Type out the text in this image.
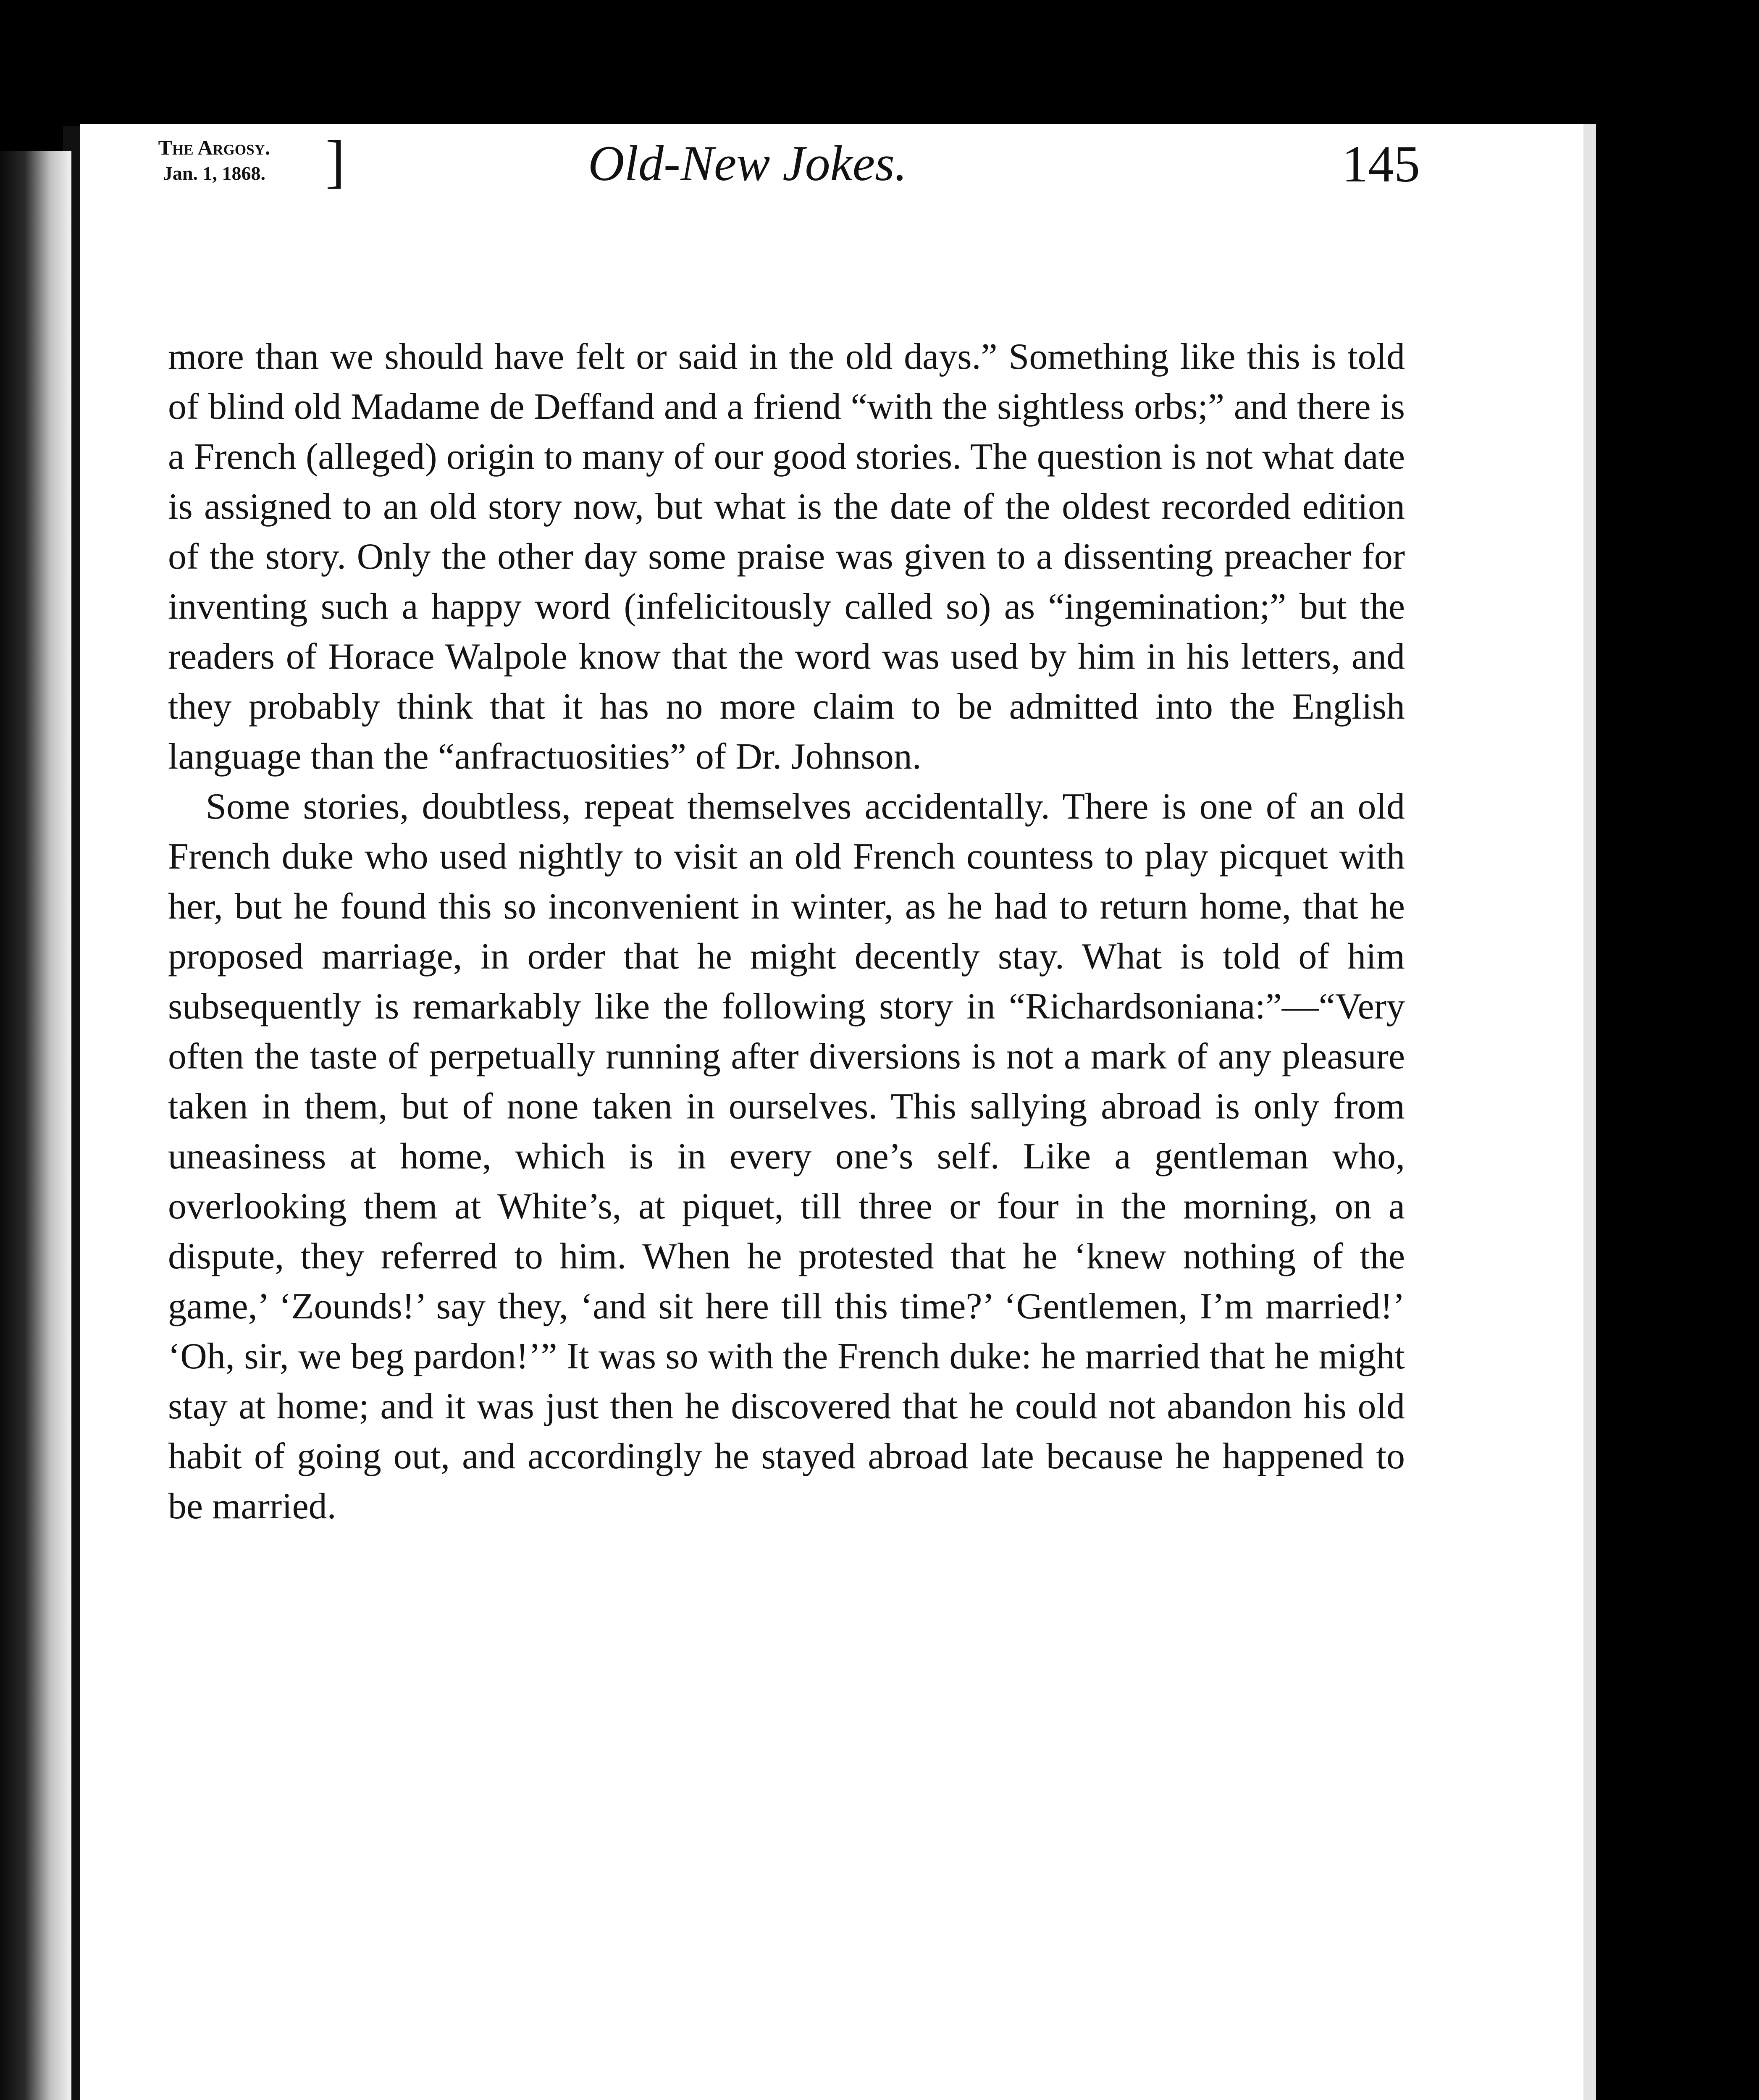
The Argosy.
Jan. 1, 1868.	]	Old-New Jokes.	145

more than we should have felt or said in the old days.” Something like this is told of blind old Madame de Deffand and a friend “with the sightless orbs;” and there is a French (alleged) origin to many of our good stories. The question is not what date is assigned to an old story now, but what is the date of the oldest recorded edition of the story. Only the other day some praise was given to a dissenting preacher for inventing such a happy word (infelicitously called so) as “ingemination;” but the readers of Horace Walpole know that the word was used by him in his letters, and they probably think that it has no more claim to be admitted into the English language than the “anfractuosities” of Dr. Johnson.

Some stories, doubtless, repeat themselves accidentally. There is one of an old French duke who used nightly to visit an old French countess to play picquet with her, but he found this so inconvenient in winter, as he had to return home, that he proposed marriage, in order that he might decently stay. What is told of him subsequently is remarkably like the following story in “Richardsoniana:”—“Very often the taste of perpetually running after diversions is not a mark of any pleasure taken in them, but of none taken in ourselves. This sallying abroad is only from uneasiness at home, which is in every one’s self. Like a gentleman who, overlooking them at White’s, at piquet, till three or four in the morning, on a dispute, they referred to him. When he protested that he ‘knew nothing of the game,’ ‘Zounds!’ say they, ‘and sit here till this time?’ ‘Gentlemen, I’m married!’ ‘Oh, sir, we beg pardon!’” It was so with the French duke: he married that he might stay at home; and it was just then he discovered that he could not abandon his old habit of going out, and accordingly he stayed abroad late because he happened to be married.
